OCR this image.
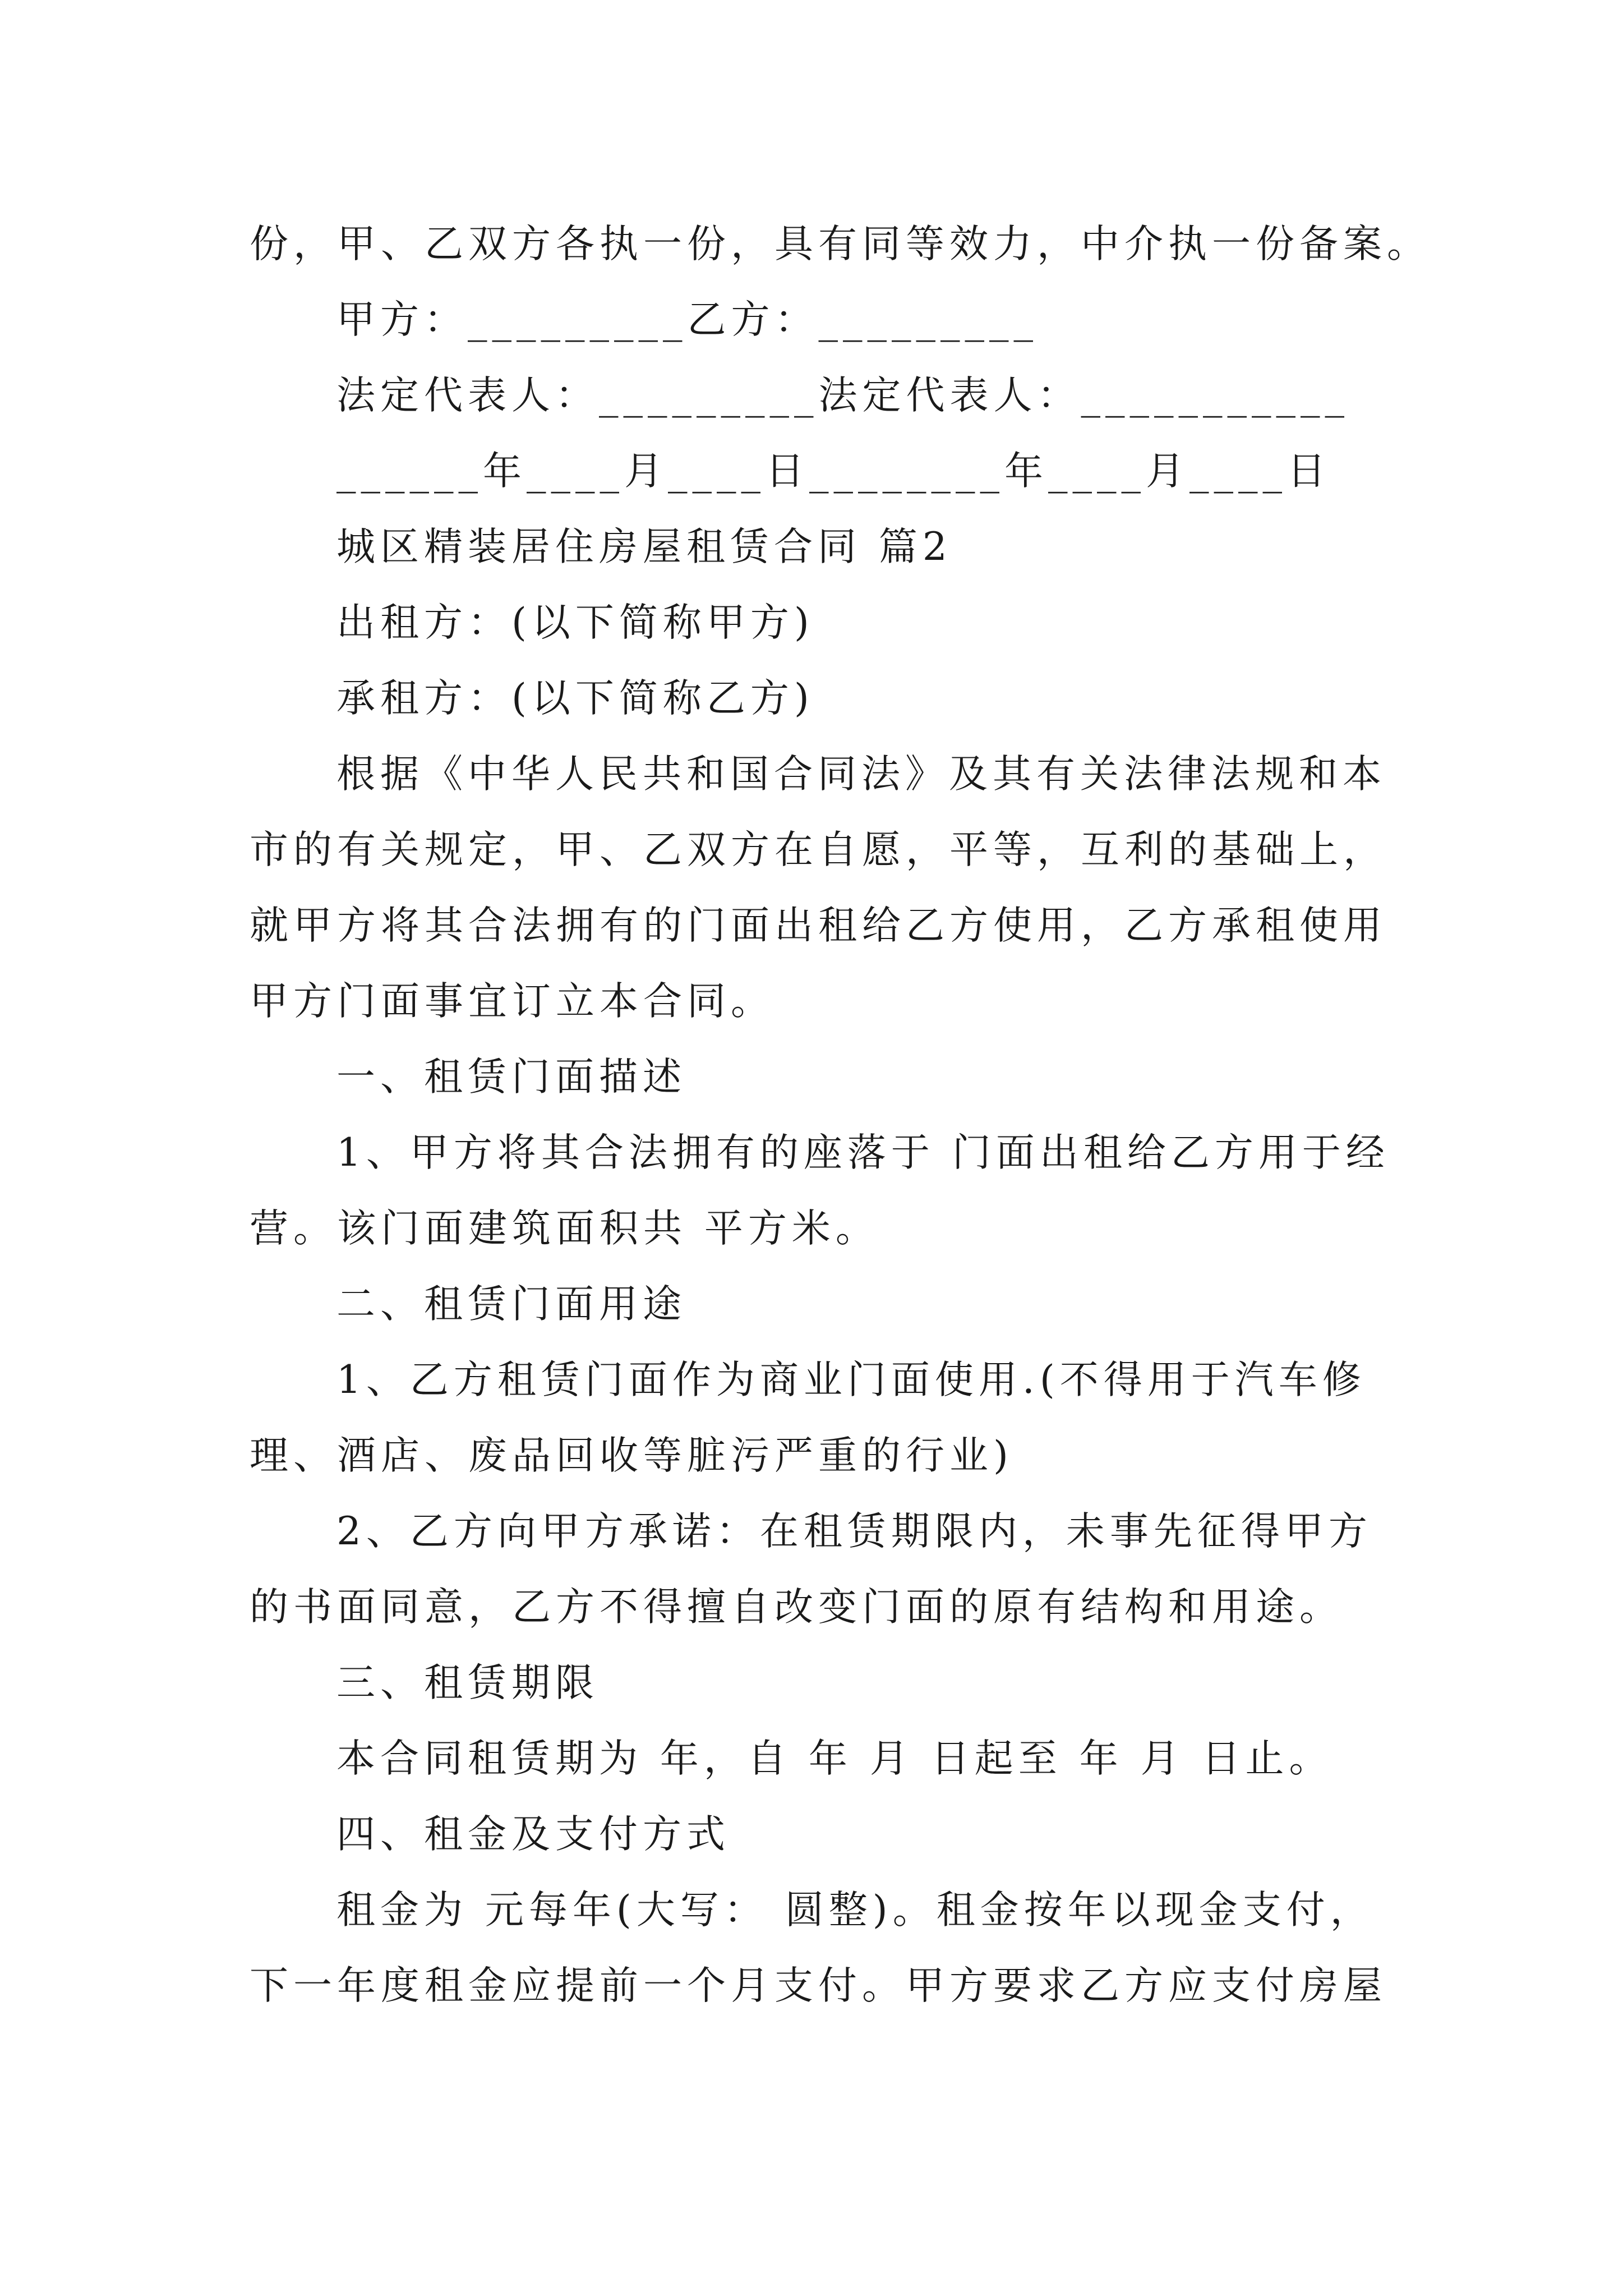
份，甲、乙双方各执一份，具有同等效力，中介执一份备案。
甲方：_________乙方：_________
法定代表人：_________法定代表人：___________
______年____月____日________年____月____日
城区精装居住房屋租赁合同 篇2
出租方：(以下简称甲方)
承租方：(以下简称乙方)
根据《中华人民共和国合同法》及其有关法律法规和本
市的有关规定，甲、乙双方在自愿，平等，互利的基础上，
就甲方将其合法拥有的门面出租给乙方使用，乙方承租使用
甲方门面事宜订立本合同。
一、租赁门面描述
1、甲方将其合法拥有的座落于 门面出租给乙方用于经
营。该门面建筑面积共 平方米。
二、租赁门面用途
1、乙方租赁门面作为商业门面使用.(不得用于汽车修
理、酒店、废品回收等脏污严重的行业)
2、乙方向甲方承诺：在租赁期限内，未事先征得甲方
的书面同意，乙方不得擅自改变门面的原有结构和用途。
三、租赁期限
本合同租赁期为 年，自 年 月 日起至 年 月 日止。
四、租金及支付方式
租金为 元每年(大写： 圆整)。租金按年以现金支付，
下一年度租金应提前一个月支付。甲方要求乙方应支付房屋
